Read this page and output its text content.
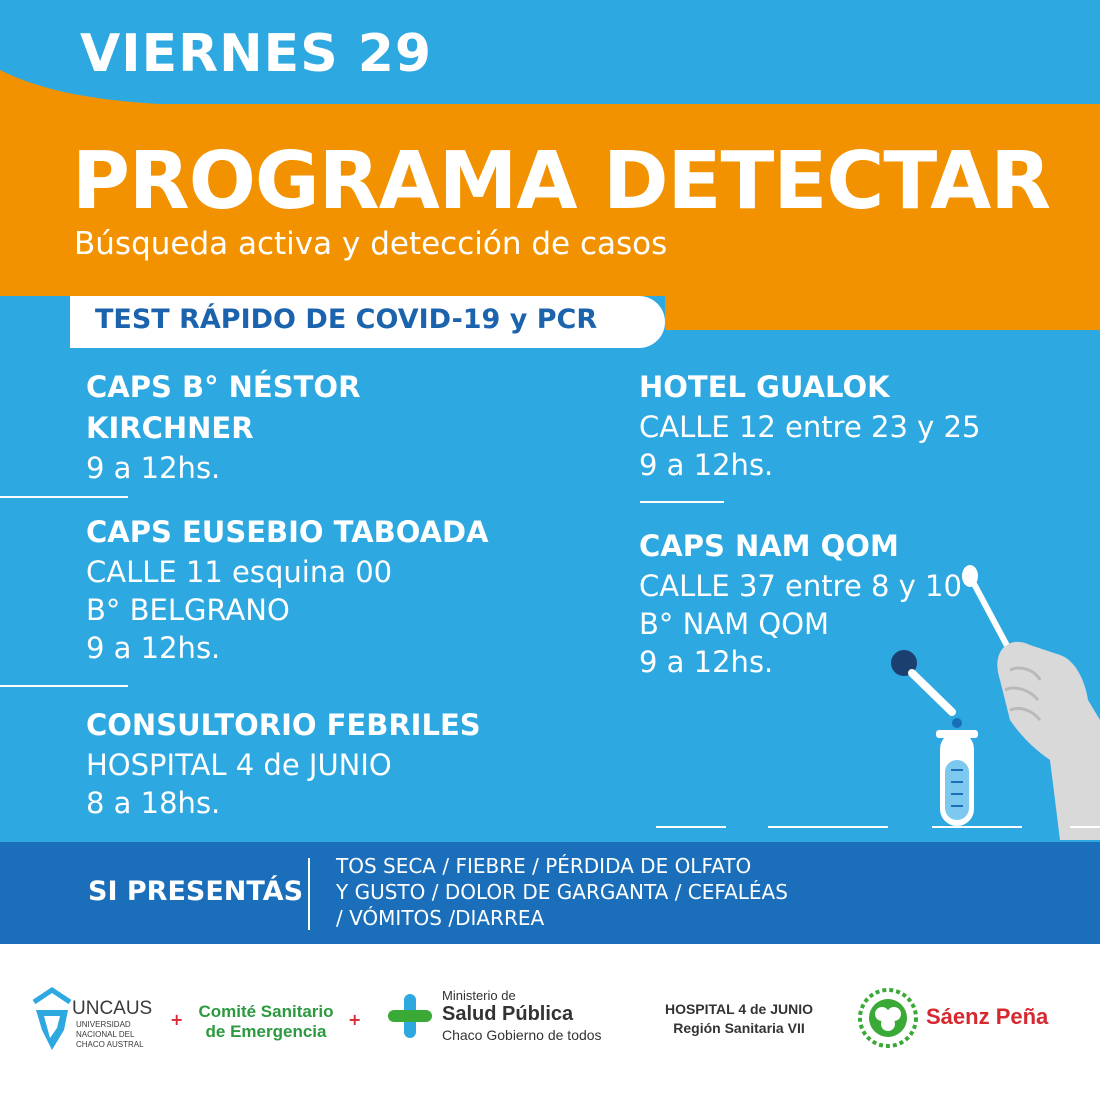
VIERNES 29
PROGRAMA DETECTAR
Búsqueda activa y detección de casos
TEST RÁPIDO DE COVID-19 y PCR
CAPS B° NÉSTOR
KIRCHNER
9 a 12hs.
CAPS EUSEBIO TABOADA
CALLE 11 esquina 00
B° BELGRANO
9 a 12hs.
CONSULTORIO FEBRILES
HOSPITAL 4 de JUNIO
8 a 18hs.
HOTEL GUALOK
CALLE 12 entre 23 y 25
9 a 12hs.
CAPS NAM QOM
CALLE 37 entre 8 y 10
B° NAM QOM
9 a 12hs.
SI PRESENTÁS
TOS SECA / FIEBRE / PÉRDIDA DE OLFATO
Y GUSTO / DOLOR DE GARGANTA / CEFALÉAS
/ VÓMITOS /DIARREA
UNCAUS
UNIVERSIDAD
NACIONAL DEL
CHACO AUSTRAL
+ Comité Sanitario
de Emergencia
+
Ministerio de
Salud Pública
Chaco Gobierno de todos
HOSPITAL 4 de JUNIO
Región Sanitaria VII	Sáenz Peña
